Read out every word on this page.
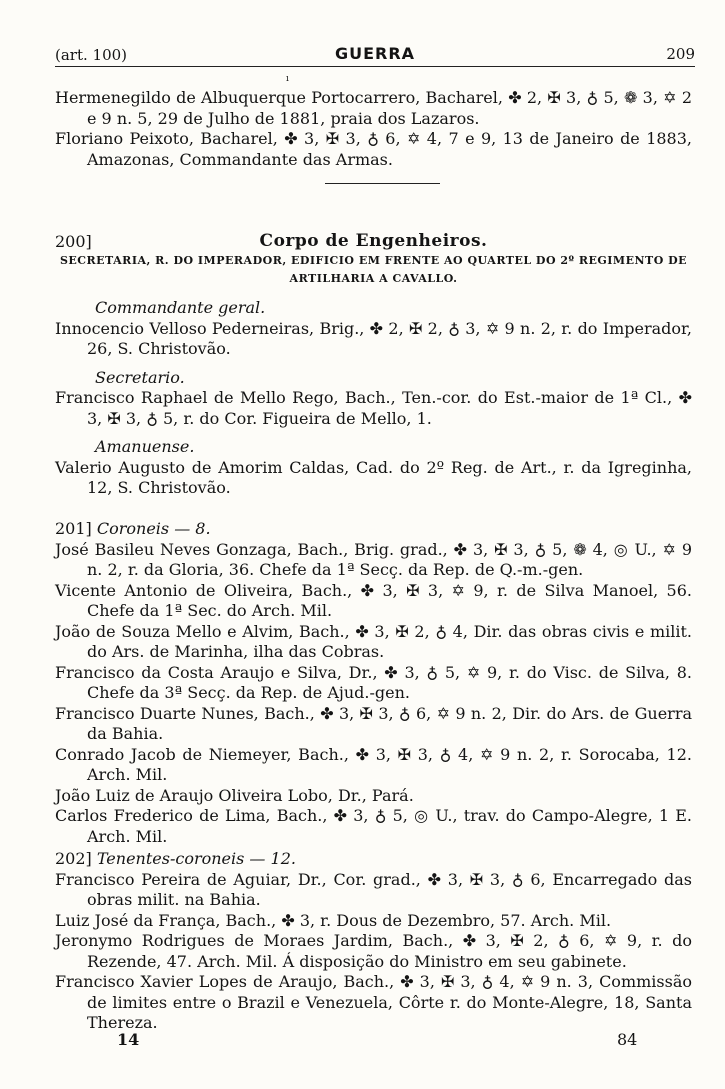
(art. 100)	GUERRA	209
ı

Hermenegildo de Albuquerque Portocarrero, Bacharel, ✤ 2, ✠ 3, ♁ 5, ❁ 3, ✡ 2 e 9 n. 5, 29 de Julho de 1881, praia dos Lazaros.

Floriano Peixoto, Bacharel, ✤ 3, ✠ 3, ♁ 6, ✡ 4, 7 e 9, 13 de Janeiro de 1883, Amazonas, Commandante das Armas.

200]	Corpo de Engenheiros.
SECRETARIA, R. DO IMPERADOR, EDIFICIO EM FRENTE AO QUARTEL DO 2º REGIMENTO DE ARTILHARIA A CAVALLO.

Commandante geral.

Innocencio Velloso Pederneiras, Brig., ✤ 2, ✠ 2, ♁ 3, ✡ 9 n. 2, r. do Imperador, 26, S. Christovão.

Secretario.

Francisco Raphael de Mello Rego, Bach., Ten.-cor. do Est.-maior de 1ª Cl., ✤ 3, ✠ 3, ♁ 5, r. do Cor. Figueira de Mello, 1.

Amanuense.

Valerio Augusto de Amorim Caldas, Cad. do 2º Reg. de Art., r. da Igreginha, 12, S. Christovão.

201] Coroneis — 8.

José Basileu Neves Gonzaga, Bach., Brig. grad., ✤ 3, ✠ 3, ♁ 5, ❁ 4, ◎ U., ✡ 9 n. 2, r. da Gloria, 36. Chefe da 1ª Secç. da Rep. de Q.-m.-gen.

Vicente Antonio de Oliveira, Bach., ✤ 3, ✠ 3, ✡ 9, r. de Silva Manoel, 56. Chefe da 1ª Sec. do Arch. Mil.

João de Souza Mello e Alvim, Bach., ✤ 3, ✠ 2, ♁ 4, Dir. das obras civis e milit. do Ars. de Marinha, ilha das Cobras.

Francisco da Costa Araujo e Silva, Dr., ✤ 3, ♁ 5, ✡ 9, r. do Visc. de Silva, 8. Chefe da 3ª Secç. da Rep. de Ajud.-gen.

Francisco Duarte Nunes, Bach., ✤ 3, ✠ 3, ♁ 6, ✡ 9 n. 2, Dir. do Ars. de Guerra da Bahia.

Conrado Jacob de Niemeyer, Bach., ✤ 3, ✠ 3, ♁ 4, ✡ 9 n. 2, r. Sorocaba, 12. Arch. Mil.

João Luiz de Araujo Oliveira Lobo, Dr., Pará.

Carlos Frederico de Lima, Bach., ✤ 3, ♁ 5, ◎ U., trav. do Campo-Alegre, 1 E. Arch. Mil.

202] Tenentes-coroneis — 12.

Francisco Pereira de Aguiar, Dr., Cor. grad., ✤ 3, ✠ 3, ♁ 6, Encarregado das obras milit. na Bahia.

Luiz José da França, Bach., ✤ 3, r. Dous de Dezembro, 57. Arch. Mil.

Jeronymo Rodrigues de Moraes Jardim, Bach., ✤ 3, ✠ 2, ♁ 6, ✡ 9, r. do Rezende, 47. Arch. Mil. Á disposição do Ministro em seu gabinete.

Francisco Xavier Lopes de Araujo, Bach., ✤ 3, ✠ 3, ♁ 4, ✡ 9 n. 3, Commissão de limites entre o Brazil e Venezuela, Côrte r. do Monte-Alegre, 18, Santa Thereza.

14	84
